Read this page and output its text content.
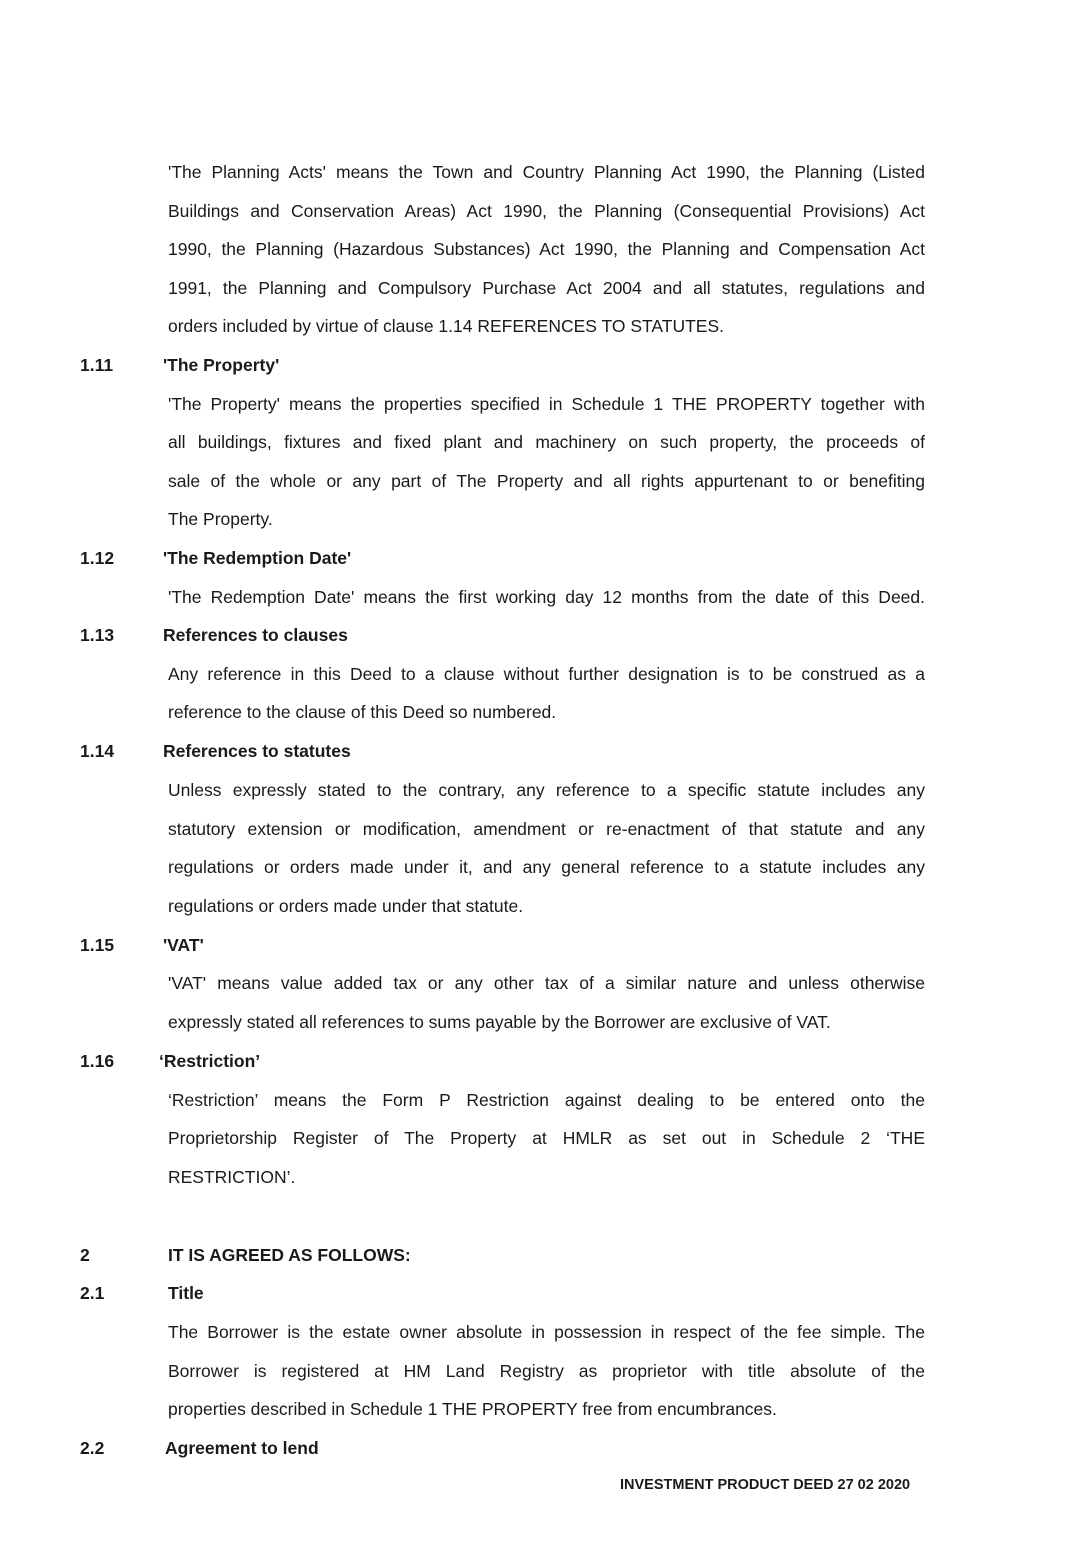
'The Planning Acts' means the Town and Country Planning Act 1990, the Planning (Listed
Buildings and Conservation Areas) Act 1990, the Planning (Consequential Provisions) Act
1990, the Planning (Hazardous Substances) Act 1990, the Planning and Compensation Act
1991, the Planning and Compulsory Purchase Act 2004 and all statutes, regulations and
orders included by virtue of clause 1.14 REFERENCES TO STATUTES.
1.11	'The Property'
'The Property' means the properties specified in Schedule 1 THE PROPERTY together with
all buildings, fixtures and fixed plant and machinery on such property, the proceeds of
sale of the whole or any part of The Property and all rights appurtenant to or benefiting
The Property.
1.12	'The Redemption Date'
'The Redemption Date' means the first working day 12 months from the date of this Deed.
1.13	References to clauses
Any reference in this Deed to a clause without further designation is to be construed as a
reference to the clause of this Deed so numbered.
1.14	References to statutes
Unless expressly stated to the contrary, any reference to a specific statute includes any
statutory extension or modification, amendment or re-enactment of that statute and any
regulations or orders made under it, and any general reference to a statute includes any
regulations or orders made under that statute.
1.15	'VAT'
'VAT' means value added tax or any other tax of a similar nature and unless otherwise
expressly stated all references to sums payable by the Borrower are exclusive of VAT.
1.16	‘Restriction’
‘Restriction’ means the Form P Restriction against dealing to be entered onto the
Proprietorship Register of The Property at HMLR as set out in Schedule 2 ‘THE
RESTRICTION’.
2	IT IS AGREED AS FOLLOWS:
2.1	Title
The Borrower is the estate owner absolute in possession in respect of the fee simple. The
Borrower is registered at HM Land Registry as proprietor with title absolute of the
properties described in Schedule 1 THE PROPERTY free from encumbrances.
2.2	Agreement to lend
INVESTMENT PRODUCT DEED 27 02 2020
